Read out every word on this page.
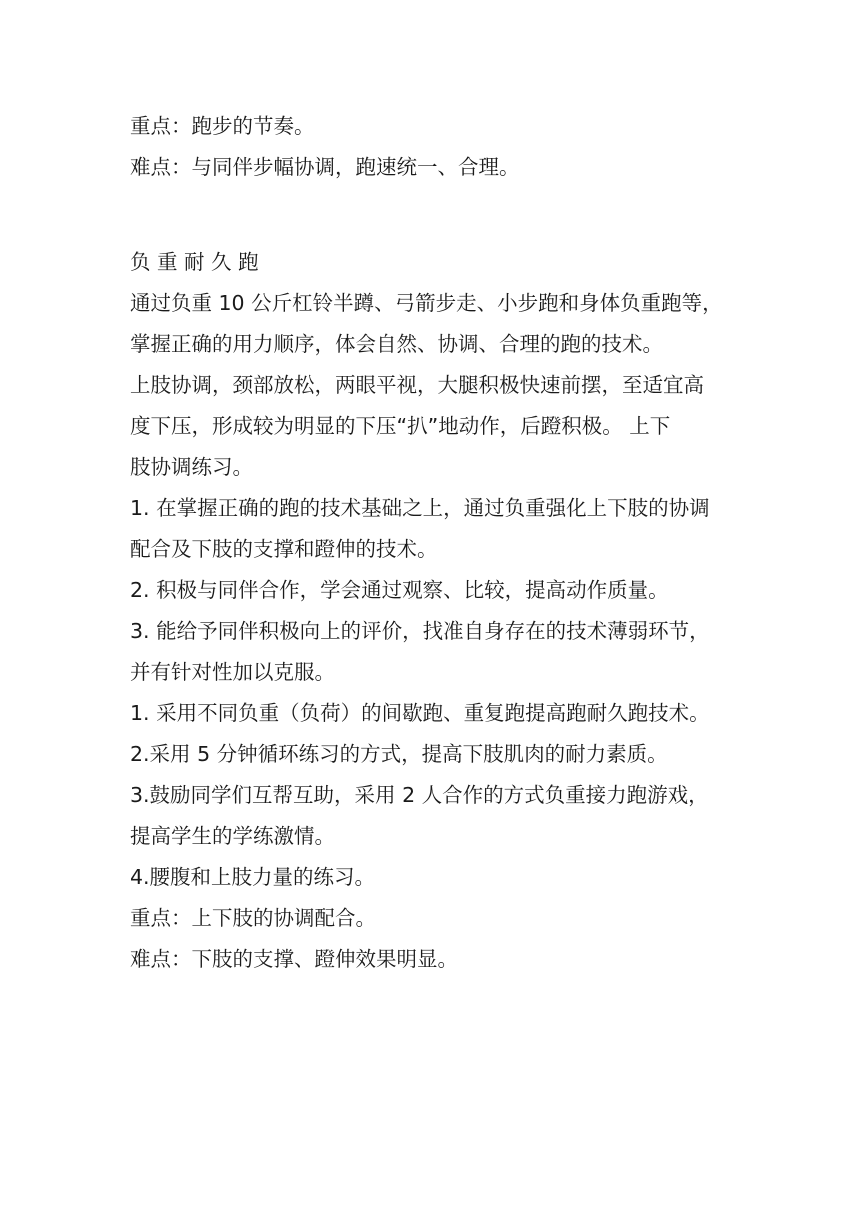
重点：跑步的节奏。
难点：与同伴步幅协调，跑速统一、合理。
负 重 耐 久 跑
通过负重 10 公斤杠铃半蹲、弓箭步走、小步跑和身体负重跑等，
掌握正确的用力顺序，体会自然、协调、合理的跑的技术。
上肢协调，颈部放松，两眼平视，大腿积极快速前摆，至适宜高
度下压，形成较为明显的下压“扒”地动作，后蹬积极。 上下
肢协调练习。
1. 在掌握正确的跑的技术基础之上，通过负重强化上下肢的协调
配合及下肢的支撑和蹬伸的技术。
2. 积极与同伴合作，学会通过观察、比较，提高动作质量。
3. 能给予同伴积极向上的评价，找准自身存在的技术薄弱环节，
并有针对性加以克服。
1. 采用不同负重（负荷）的间歇跑、重复跑提高跑耐久跑技术。
2.采用 5 分钟循环练习的方式，提高下肢肌肉的耐力素质。
3.鼓励同学们互帮互助，采用 2 人合作的方式负重接力跑游戏，
提高学生的学练激情。
4.腰腹和上肢力量的练习。
重点：上下肢的协调配合。
难点：下肢的支撑、蹬伸效果明显。
